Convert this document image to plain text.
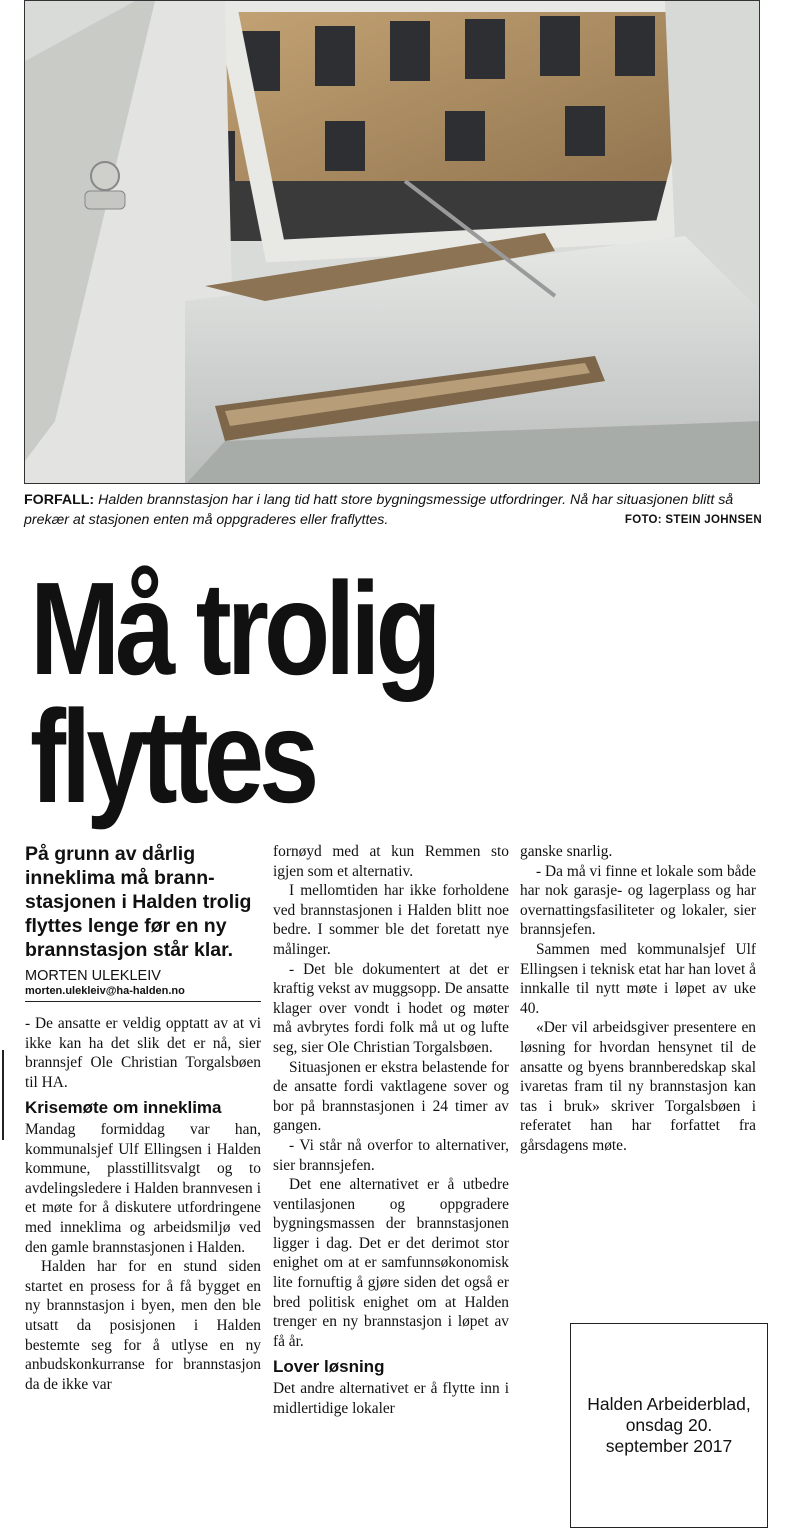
FORFALL: Halden brannstasjon har i lang tid hatt store bygningsmessige utfordringer. Nå har situasjonen blitt så prekær at stasjonen enten må oppgraderes eller fraflyttes.	FOTO: STEIN JOHNSEN
Må trolig
flyttes
På grunn av dårlig inneklima må brannstasjonen i Halden trolig flyttes lenge før en ny brannstasjon står klar.
MORTEN ULEKLEIV
morten.ulekleiv@ha-halden.no

- De ansatte er veldig opptatt av at vi ikke kan ha det slik det er nå, sier brannsjef Ole Christian Torgalsbøen til HA.

Krisemøte om inneklima

Mandag formiddag var han, kommunalsjef Ulf Ellingsen i Halden kommune, plasstillitsvalgt og to avdelingsledere i Halden brannvesen i et møte for å diskutere utfordringene med inneklima og arbeidsmiljø ved den gamle brannstasjonen i Halden.

Halden har for en stund siden startet en prosess for å få bygget en ny brannstasjon i byen, men den ble utsatt da posisjonen i Halden bestemte seg for å utlyse en ny anbudskonkurranse for brannstasjon da de ikke var

fornøyd med at kun Remmen sto igjen som et alternativ.

I mellomtiden har ikke forholdene ved brannstasjonen i Halden blitt noe bedre. I sommer ble det foretatt nye målinger.

- Det ble dokumentert at det er kraftig vekst av muggsopp. De ansatte klager over vondt i hodet og møter må avbrytes fordi folk må ut og lufte seg, sier Ole Christian Torgalsbøen.

Situasjonen er ekstra belastende for de ansatte fordi vaktlagene sover og bor på brannstasjonen i 24 timer av gangen.

- Vi står nå overfor to alternativer, sier brannsjefen.

Det ene alternativet er å utbedre ventilasjonen og oppgradere bygningsmassen der brannstasjonen ligger i dag. Det er det derimot stor enighet om at er samfunnsøkonomisk lite fornuftig å gjøre siden det også er bred politisk enighet om at Halden trenger en ny brannstasjon i løpet av få år.

Lover løsning

Det andre alternativet er å flytte inn i midlertidige lokaler

ganske snarlig.

- Da må vi finne et lokale som både har nok garasje- og lagerplass og har overnattingsfasiliteter og lokaler, sier brannsjefen.

Sammen med kommunalsjef Ulf Ellingsen i teknisk etat har han lovet å innkalle til nytt møte i løpet av uke 40.

«Der vil arbeidsgiver presentere en løsning for hvordan hensynet til de ansatte og byens brannberedskap skal ivaretas fram til ny brannstasjon kan tas i bruk» skriver Torgalsbøen i referatet han har forfattet fra gårsdagens møte.

Halden Arbeiderblad,
onsdag 20.
september 2017
